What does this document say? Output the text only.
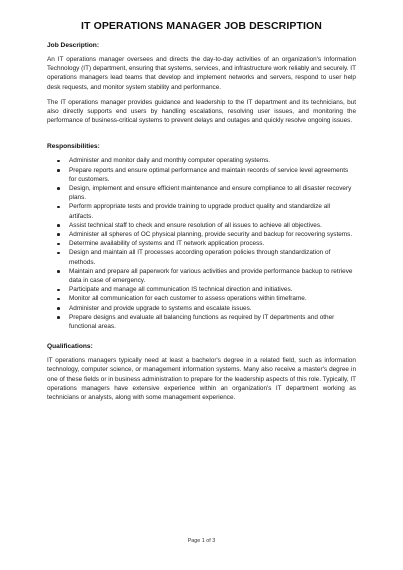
IT OPERATIONS MANAGER JOB DESCRIPTION
Job Description:

An IT operations manager oversees and directs the day-to-day activities of an organization's Information Technology (IT) department, ensuring that systems, services, and infrastructure work reliably and securely. IT operations managers lead teams that develop and implement networks and servers, respond to user help desk requests, and monitor system stability and performance.

The IT operations manager provides guidance and leadership to the IT department and its technicians, but also directly supports end users by handling escalations, resolving user issues, and monitoring the performance of business-critical systems to prevent delays and outages and quickly resolve ongoing issues.

Responsibilities:
Administer and monitor daily and monthly computer operating systems.
Prepare reports and ensure optimal performance and maintain records of service level agreements for customers.
Design, implement and ensure efficient maintenance and ensure compliance to all disaster recovery plans.
Perform appropriate tests and provide training to upgrade product quality and standardize all artifacts.
Assist technical staff to check and ensure resolution of all issues to achieve all objectives.
Administer all spheres of OC physical planning, provide security and backup for recovering systems.
Determine availability of systems and IT network application process.
Design and maintain all IT processes according operation policies through standardization of methods.
Maintain and prepare all paperwork for various activities and provide performance backup to retrieve data in case of emergency.
Participate and manage all communication IS technical direction and initiatives.
Monitor all communication for each customer to assess operations within timeframe.
Administer and provide upgrade to systems and escalate issues.
Prepare designs and evaluate all balancing functions as required by IT departments and other functional areas.
Qualifications:

IT operations managers typically need at least a bachelor's degree in a related field, such as information technology, computer science, or management information systems. Many also receive a master's degree in one of these fields or in business administration to prepare for the leadership aspects of this role. Typically, IT operations managers have extensive experience within an organization's IT department working as technicians or analysts, along with some management experience.

Page 1 of 3
